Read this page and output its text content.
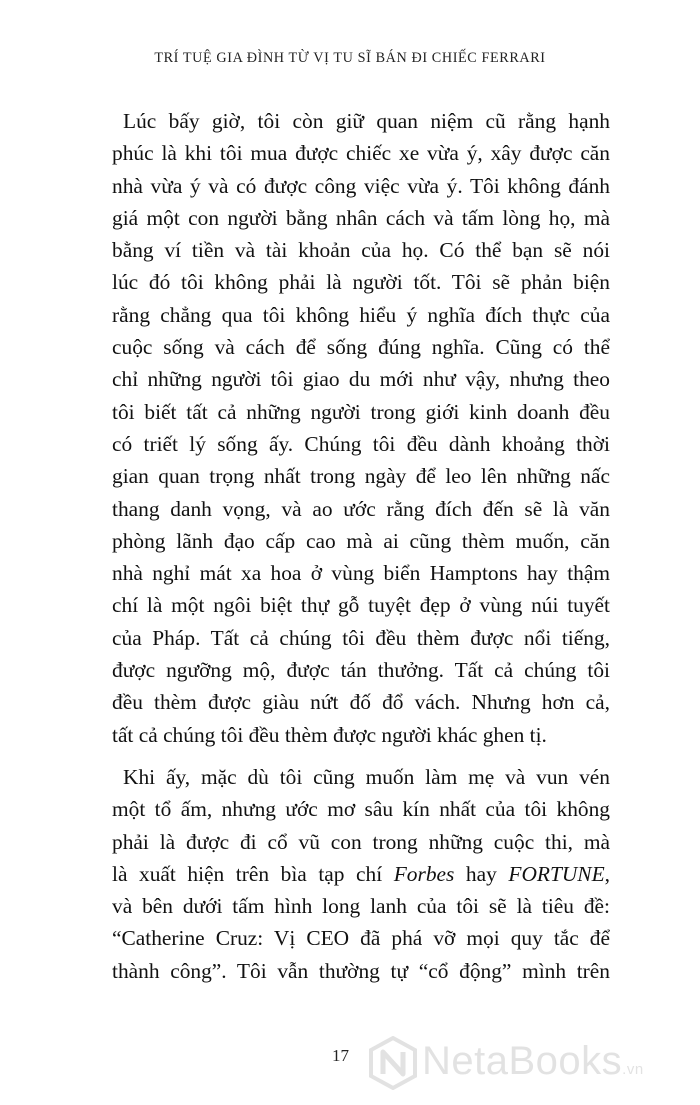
TRÍ TUỆ GIA ĐÌNH TỪ VỊ TU SĨ BÁN ĐI CHIẾC FERRARI
Lúc bấy giờ, tôi còn giữ quan niệm cũ rằng hạnh
phúc là khi tôi mua được chiếc xe vừa ý, xây được căn
nhà vừa ý và có được công việc vừa ý. Tôi không đánh
giá một con người bằng nhân cách và tấm lòng họ, mà
bằng ví tiền và tài khoản của họ. Có thể bạn sẽ nói
lúc đó tôi không phải là người tốt. Tôi sẽ phản biện
rằng chẳng qua tôi không hiểu ý nghĩa đích thực của
cuộc sống và cách để sống đúng nghĩa. Cũng có thể
chỉ những người tôi giao du mới như vậy, nhưng theo
tôi biết tất cả những người trong giới kinh doanh đều
có triết lý sống ấy. Chúng tôi đều dành khoảng thời
gian quan trọng nhất trong ngày để leo lên những nấc
thang danh vọng, và ao ước rằng đích đến sẽ là văn
phòng lãnh đạo cấp cao mà ai cũng thèm muốn, căn
nhà nghỉ mát xa hoa ở vùng biển Hamptons hay thậm
chí là một ngôi biệt thự gỗ tuyệt đẹp ở vùng núi tuyết
của Pháp. Tất cả chúng tôi đều thèm được nổi tiếng,
được ngưỡng mộ, được tán thưởng. Tất cả chúng tôi
đều thèm được giàu nứt đố đổ vách. Nhưng hơn cả,
tất cả chúng tôi đều thèm được người khác ghen tị.
Khi ấy, mặc dù tôi cũng muốn làm mẹ và vun vén
một tổ ấm, nhưng ước mơ sâu kín nhất của tôi không
phải là được đi cổ vũ con trong những cuộc thi, mà
là xuất hiện trên bìa tạp chí Forbes hay FORTUNE,
và bên dưới tấm hình long lanh của tôi sẽ là tiêu đề:
“Catherine Cruz: Vị CEO đã phá vỡ mọi quy tắc để
thành công”. Tôi vẫn thường tự “cổ động” mình trên
17 NetaBooks.vn
